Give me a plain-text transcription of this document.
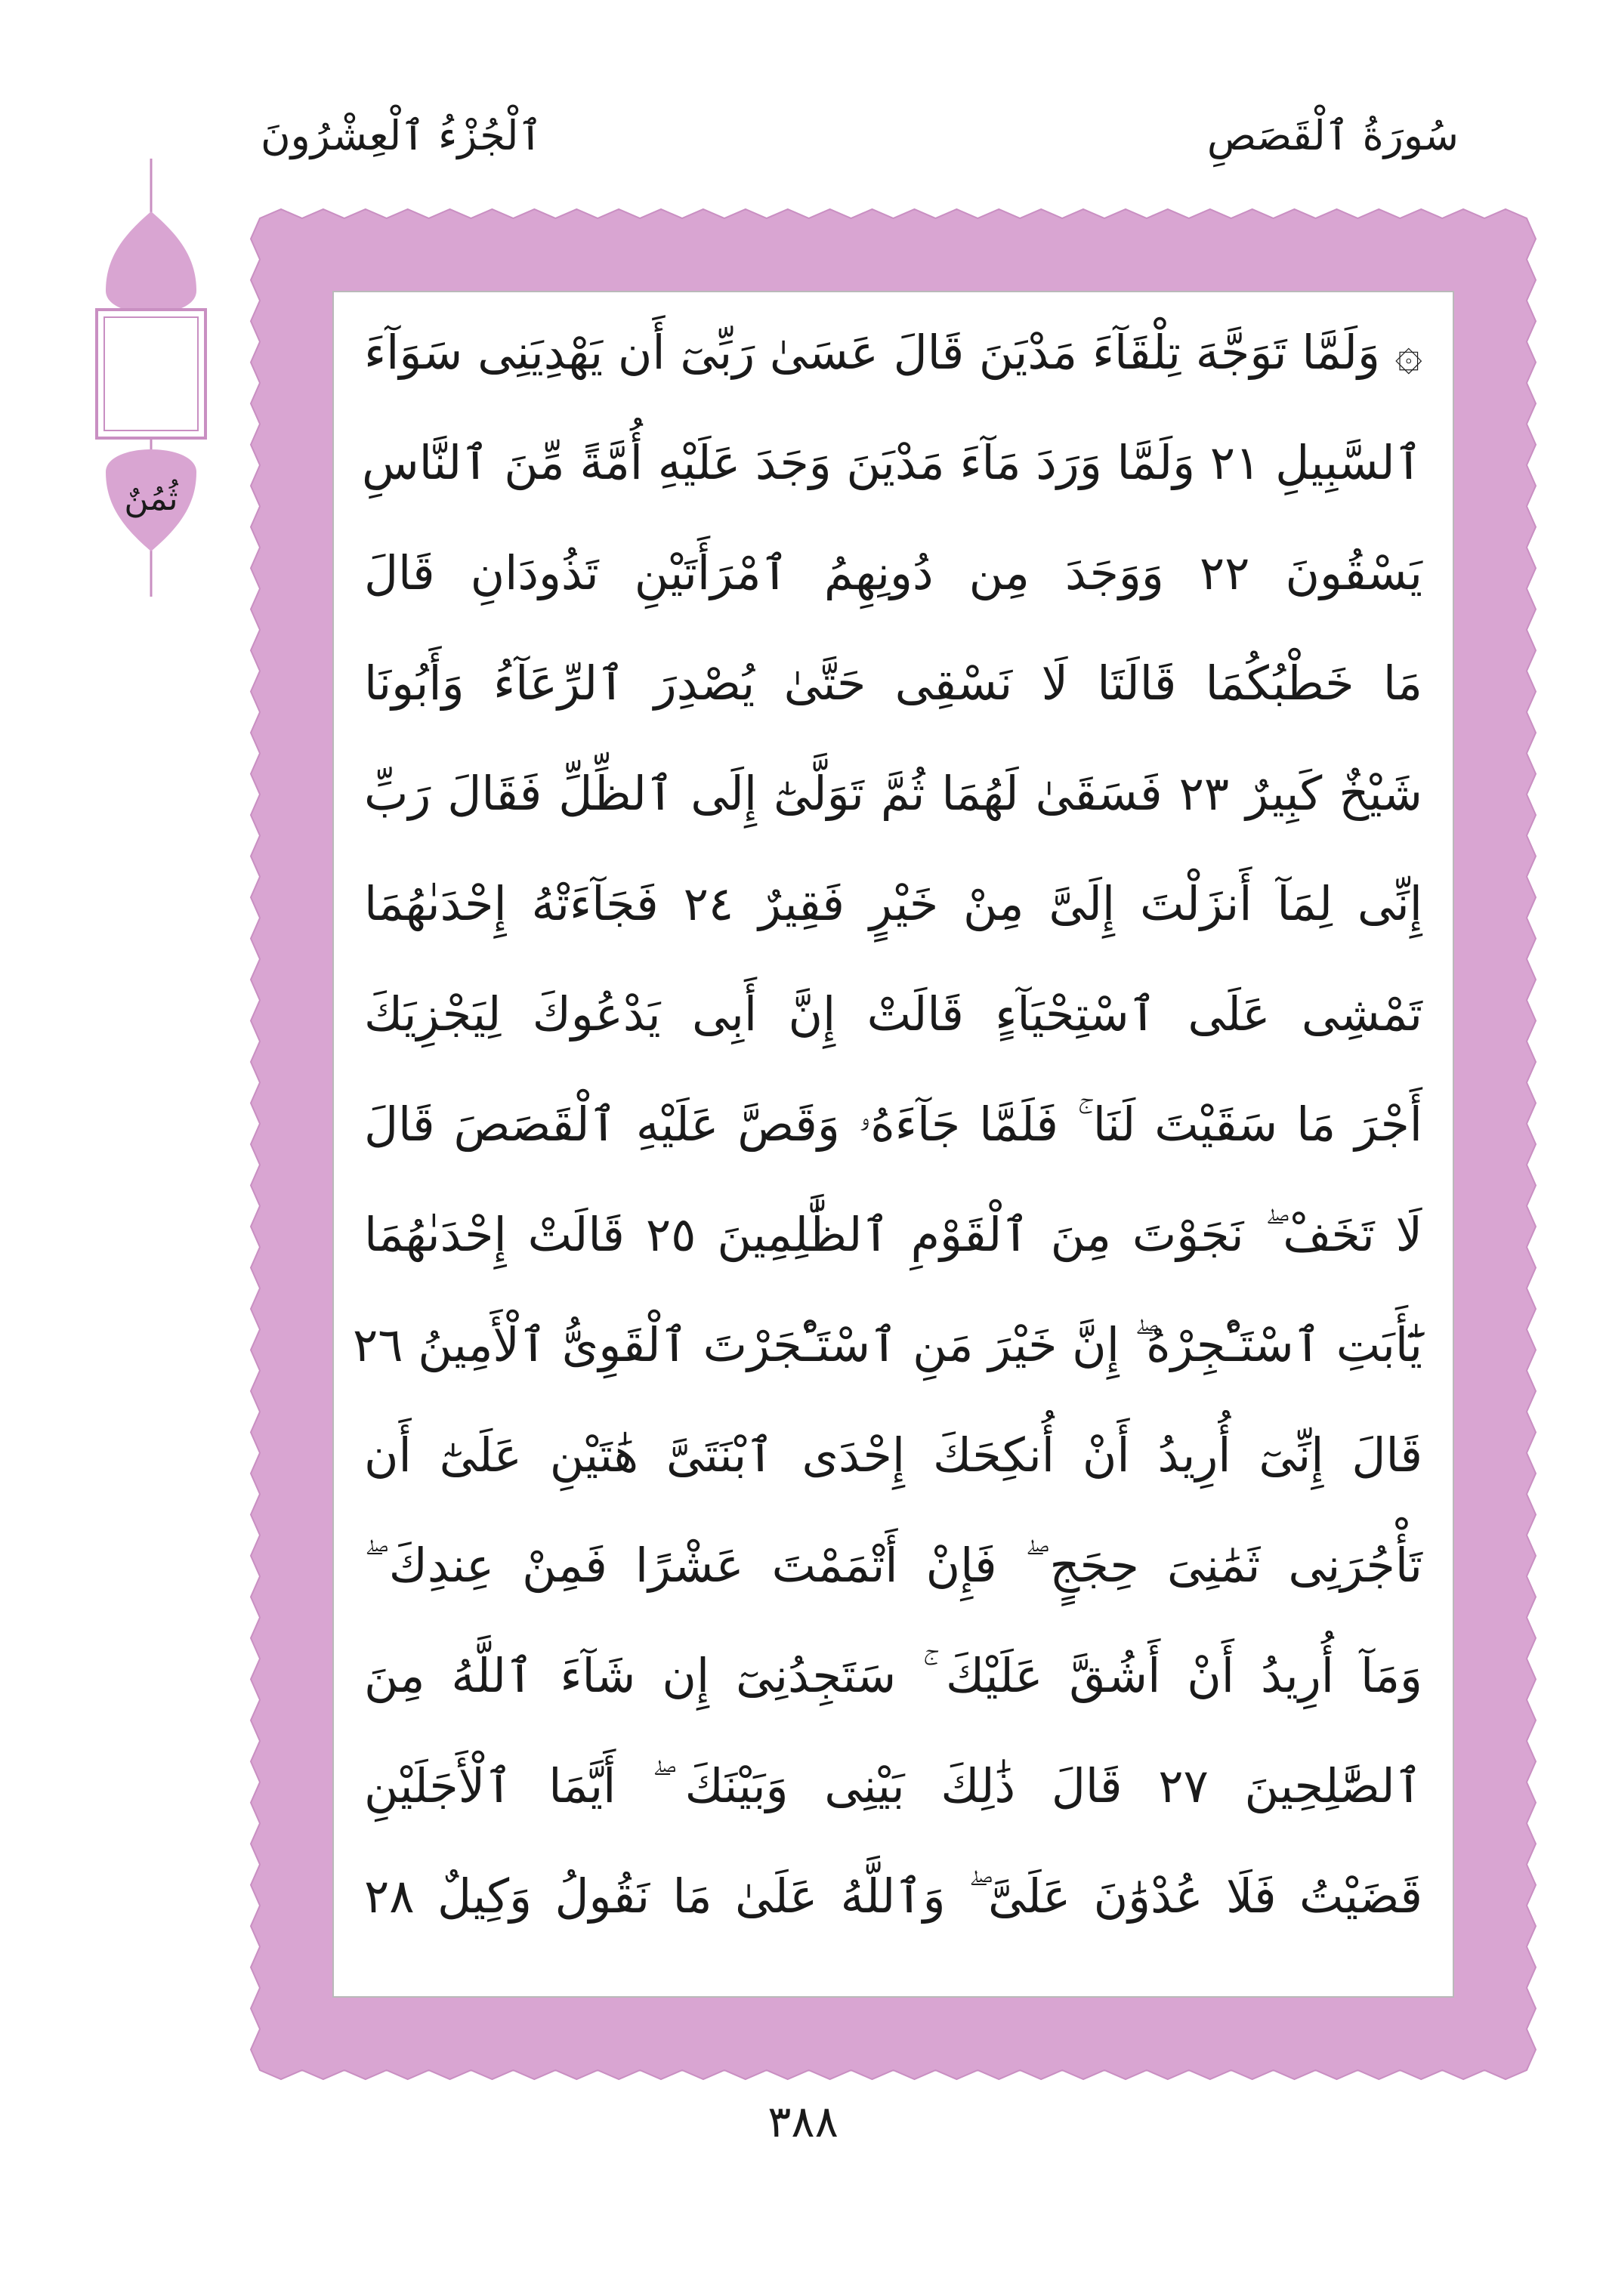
ٱلْجُزْءُ ٱلْعِشْرُونَ	سُورَةُ ٱلْقَصَصِ
ثُمُنٌ
۞ وَلَمَّا تَوَجَّهَ تِلْقَآءَ مَدْيَنَ قَالَ عَسَىٰ رَبِّىٓ أَن يَهْدِيَنِى سَوَآءَ
ٱلسَّبِيلِ ٢١ وَلَمَّا وَرَدَ مَآءَ مَدْيَنَ وَجَدَ عَلَيْهِ أُمَّةً مِّنَ ٱلنَّاسِ
يَسْقُونَ ٢٢ وَوَجَدَ مِن دُونِهِمُ ٱمْرَأَتَيْنِ تَذُودَانِ قَالَ
مَا خَطْبُكُمَا قَالَتَا لَا نَسْقِى حَتَّىٰ يُصْدِرَ ٱلرِّعَآءُ وَأَبُونَا
شَيْخٌ كَبِيرٌ ٢٣ فَسَقَىٰ لَهُمَا ثُمَّ تَوَلَّىٰٓ إِلَى ٱلظِّلِّ فَقَالَ رَبِّ
إِنِّى لِمَآ أَنزَلْتَ إِلَىَّ مِنْ خَيْرٍ فَقِيرٌ ٢٤ فَجَآءَتْهُ إِحْدَىٰهُمَا
تَمْشِى عَلَى ٱسْتِحْيَآءٍ قَالَتْ إِنَّ أَبِى يَدْعُوكَ لِيَجْزِيَكَ
أَجْرَ مَا سَقَيْتَ لَنَا ۚ فَلَمَّا جَآءَهُۥ وَقَصَّ عَلَيْهِ ٱلْقَصَصَ قَالَ
لَا تَخَفْ ۖ نَجَوْتَ مِنَ ٱلْقَوْمِ ٱلظَّٰلِمِينَ ٢٥ قَالَتْ إِحْدَىٰهُمَا
يَٰٓأَبَتِ ٱسْتَـْٔجِرْهُ ۖ إِنَّ خَيْرَ مَنِ ٱسْتَـْٔجَرْتَ ٱلْقَوِىُّ ٱلْأَمِينُ ٢٦
قَالَ إِنِّىٓ أُرِيدُ أَنْ أُنكِحَكَ إِحْدَى ٱبْنَتَىَّ هَٰتَيْنِ عَلَىٰٓ أَن
تَأْجُرَنِى ثَمَٰنِىَ حِجَجٍ ۖ فَإِنْ أَتْمَمْتَ عَشْرًا فَمِنْ عِندِكَ ۖ
وَمَآ أُرِيدُ أَنْ أَشُقَّ عَلَيْكَ ۚ سَتَجِدُنِىٓ إِن شَآءَ ٱللَّهُ مِنَ
ٱلصَّٰلِحِينَ ٢٧ قَالَ ذَٰلِكَ بَيْنِى وَبَيْنَكَ ۖ أَيَّمَا ٱلْأَجَلَيْنِ
قَضَيْتُ فَلَا عُدْوَٰنَ عَلَىَّ ۖ وَٱللَّهُ عَلَىٰ مَا نَقُولُ وَكِيلٌ ٢٨
٣٨٨
